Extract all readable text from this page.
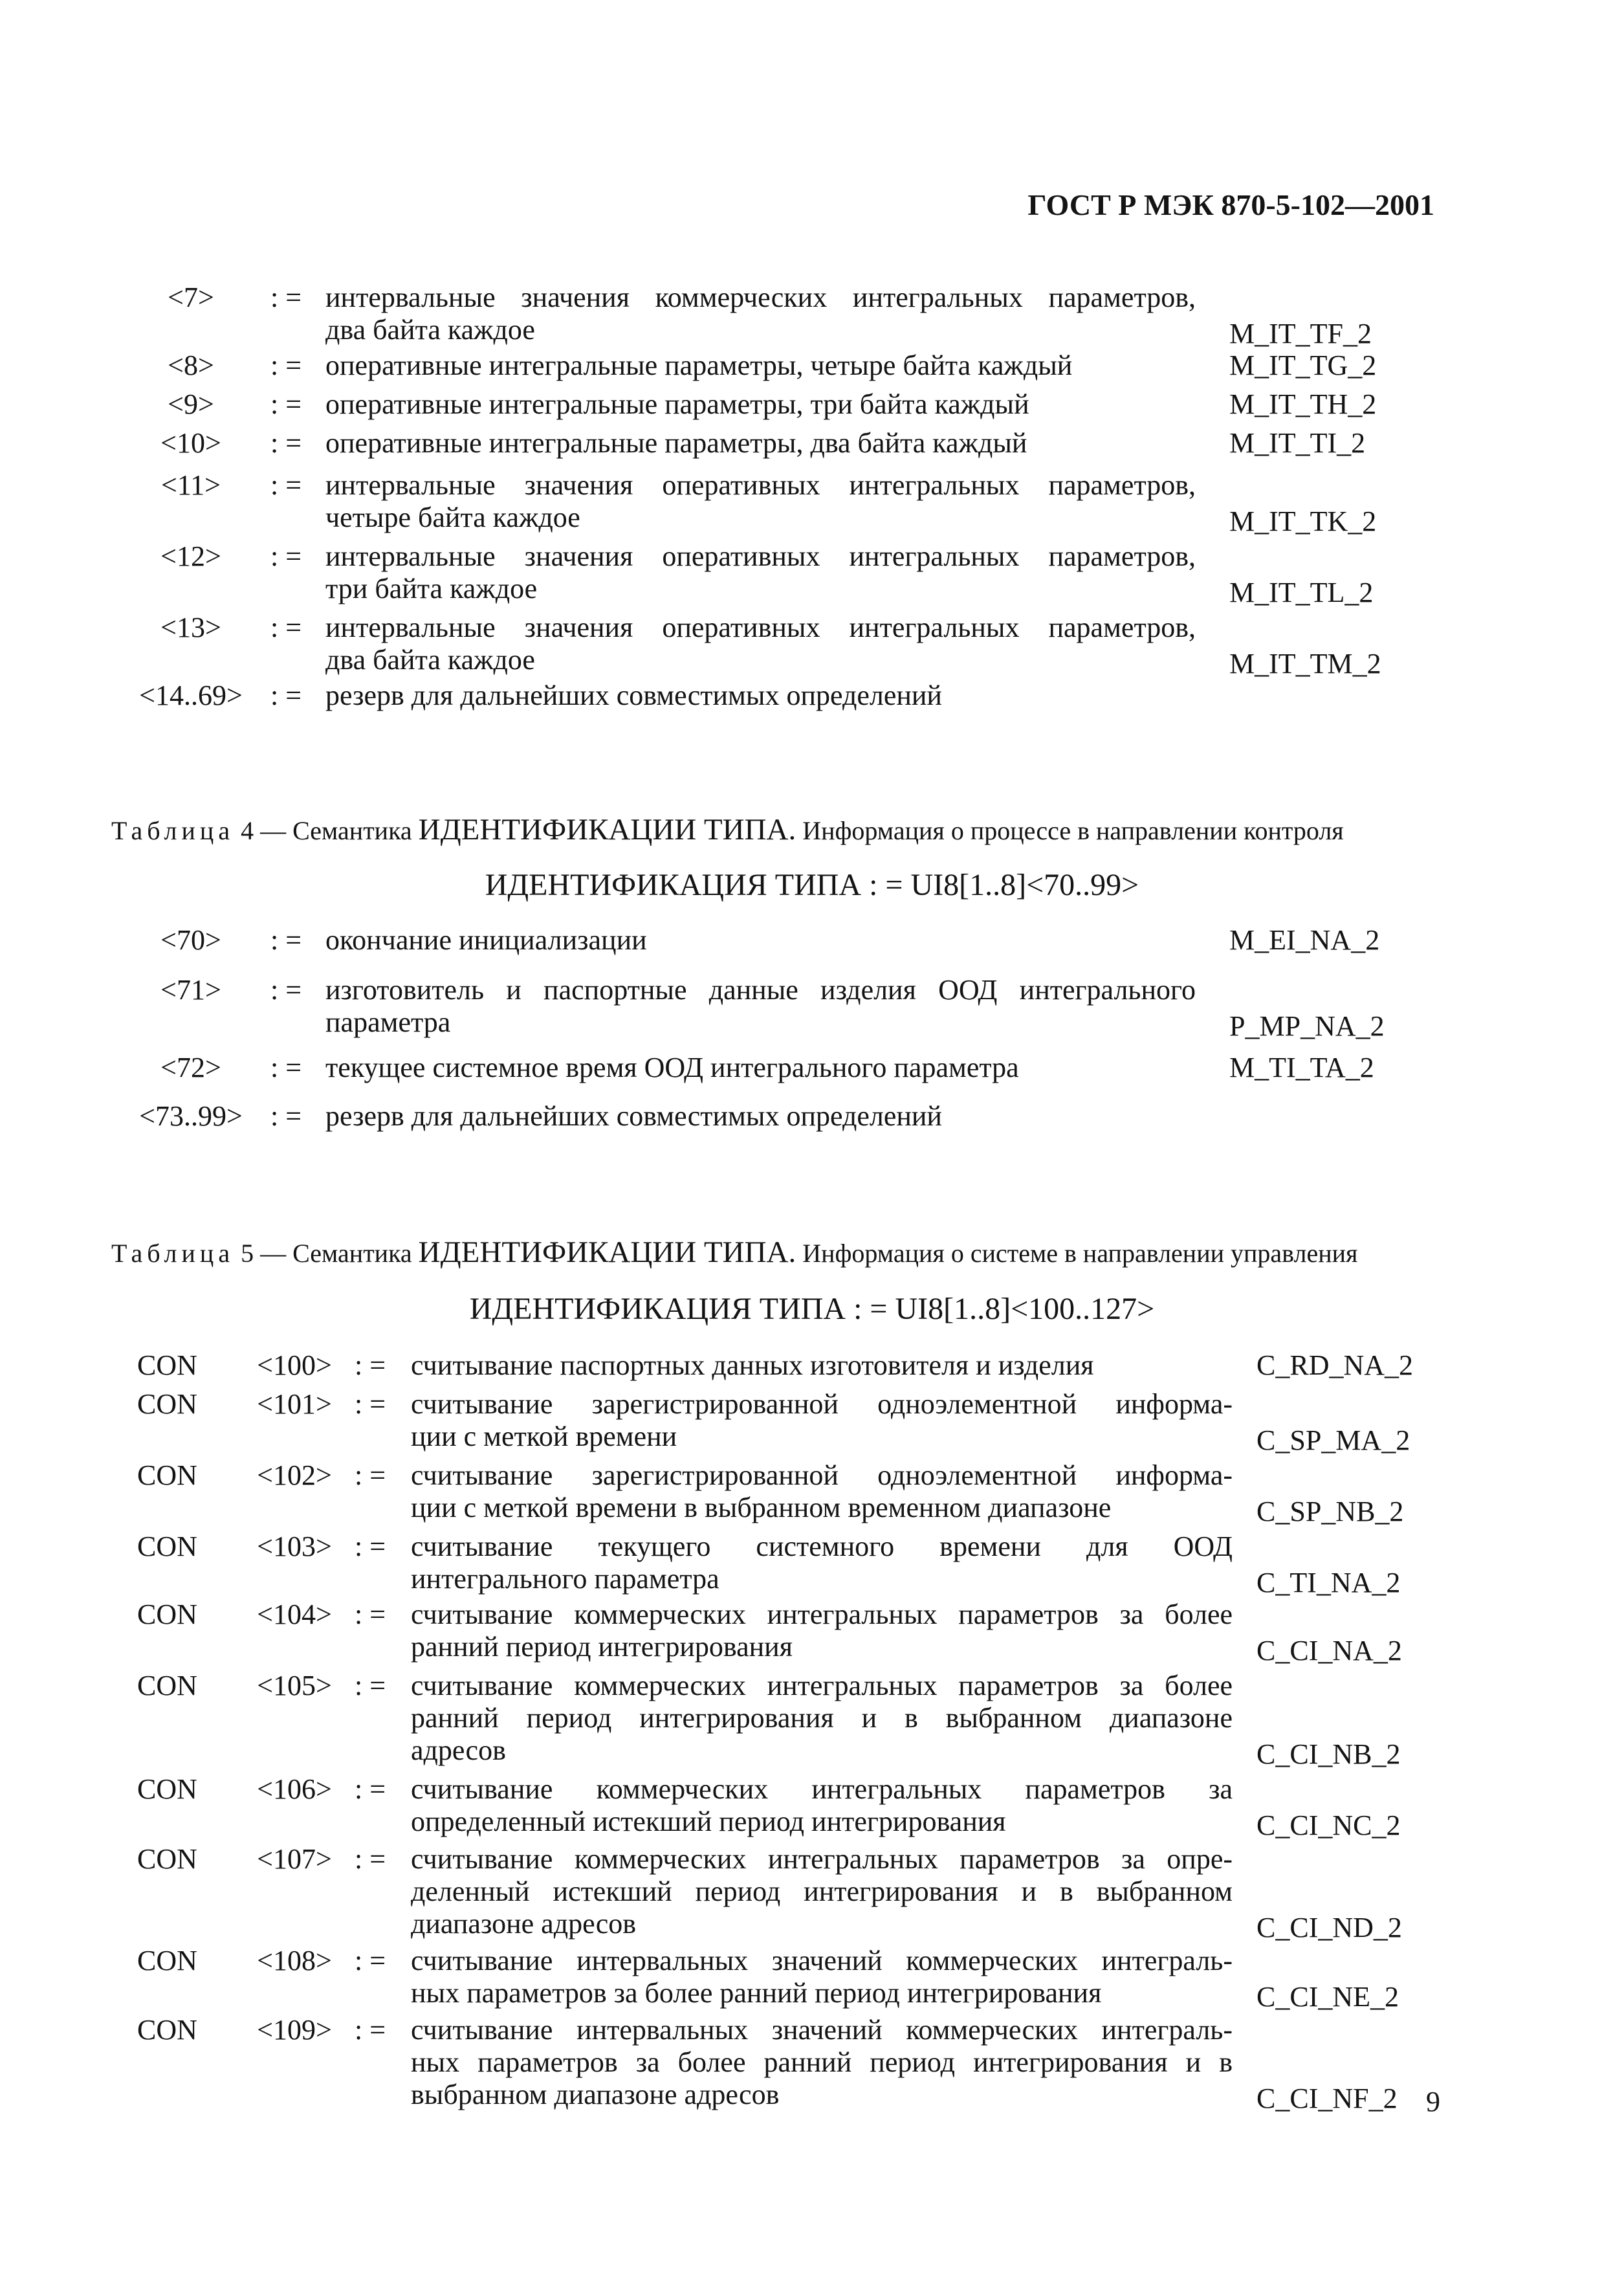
ГОСТ Р МЭК 870-5-102—2001
<7>	: = интервальные значения коммерческих интегральных параметров,
два байта каждое	M_IT_TF_2
<8>	: = оперативные интегральные параметры, четыре байта каждый	M_IT_TG_2
<9>	: = оперативные интегральные параметры, три байта каждый	M_IT_TH_2
<10>	: = оперативные интегральные параметры, два байта каждый	M_IT_TI_2
<11>	: = интервальные значения оперативных интегральных параметров,
четыре байта каждое	M_IT_TK_2
<12>	: = интервальные значения оперативных интегральных параметров,
три байта каждое	M_IT_TL_2
<13>	: = интервальные значения оперативных интегральных параметров,
два байта каждое	M_IT_TM_2
<14..69> : = резерв для дальнейших совместимых определений
Таблица 4 — Семантика ИДЕНТИФИКАЦИИ ТИПА. Информация о процессе в направлении контроля
ИДЕНТИФИКАЦИЯ ТИПА : = UI8[1..8]<70..99>
<70>	: = окончание инициализации	M_EI_NA_2
<71>	: = изготовитель и паспортные данные изделия ООД интегрального
параметра	P_MP_NA_2
<72>	: = текущее системное время ООД интегрального параметра	M_TI_TA_2
<73..99> : = резерв для дальнейших совместимых определений
Таблица 5 — Семантика ИДЕНТИФИКАЦИИ ТИПА. Информация о системе в направлении управления
ИДЕНТИФИКАЦИЯ ТИПА : = UI8[1..8]<100..127>
CON	<100> : = считывание паспортных данных изготовителя и изделия	C_RD_NA_2
CON	<101> : = считывание зарегистрированной одноэлементной информа-
ции с меткой времени	C_SP_MA_2
CON	<102> : = считывание зарегистрированной одноэлементной информа-
ции с меткой времени в выбранном временном диапазоне	C_SP_NB_2
CON	<103> : = считывание текущего системного времени для ООД
интегрального параметра	C_TI_NA_2
CON	<104> : = считывание коммерческих интегральных параметров за более
ранний период интегрирования	C_CI_NA_2
CON	<105> : = считывание коммерческих интегральных параметров за более
ранний период интегрирования и в выбранном диапазоне
адресов	C_CI_NB_2
CON	<106> : = считывание коммерческих интегральных параметров за
определенный истекший период интегрирования	C_CI_NC_2
CON	<107> : = считывание коммерческих интегральных параметров за опре-
деленный истекший период интегрирования и в выбранном
диапазоне адресов	C_CI_ND_2
CON	<108> : = считывание интервальных значений коммерческих интеграль-
ных параметров за более ранний период интегрирования	C_CI_NE_2
CON	<109> : = считывание интервальных значений коммерческих интеграль-
ных параметров за более ранний период интегрирования и в
выбранном диапазоне адресов	C_CI_NF_2 9
